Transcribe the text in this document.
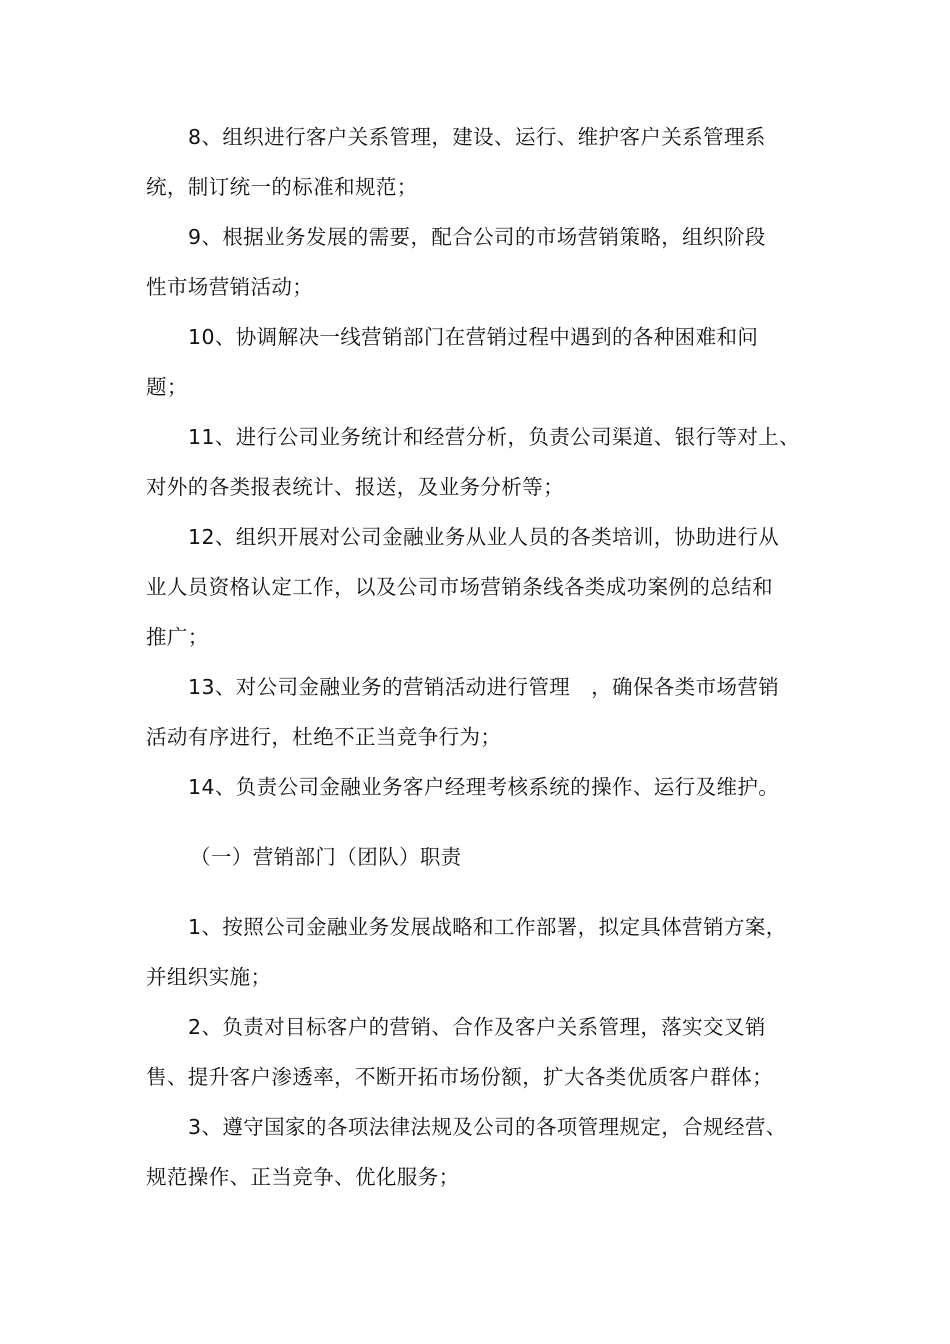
8、组织进行客户关系管理，建设、运行、维护客户关系管理系
统，制订统一的标准和规范；
9、根据业务发展的需要，配合公司的市场营销策略，组织阶段
性市场营销活动；
10、协调解决一线营销部门在营销过程中遇到的各种困难和问
题；
11、进行公司业务统计和经营分析，负责公司渠道、银行等对上、
对外的各类报表统计、报送，及业务分析等；
12、组织开展对公司金融业务从业人员的各类培训，协助进行从
业人员资格认定工作，以及公司市场营销条线各类成功案例的总结和
推广；
13、对公司金融业务的营销活动进行管理　，确保各类市场营销
活动有序进行，杜绝不正当竞争行为；
14、负责公司金融业务客户经理考核系统的操作、运行及维护。
（一）营销部门（团队）职责
1、按照公司金融业务发展战略和工作部署，拟定具体营销方案，
并组织实施；
2、负责对目标客户的营销、合作及客户关系管理，落实交叉销
售、提升客户渗透率，不断开拓市场份额，扩大各类优质客户群体；
3、遵守国家的各项法律法规及公司的各项管理规定，合规经营、
规范操作、正当竞争、优化服务；
